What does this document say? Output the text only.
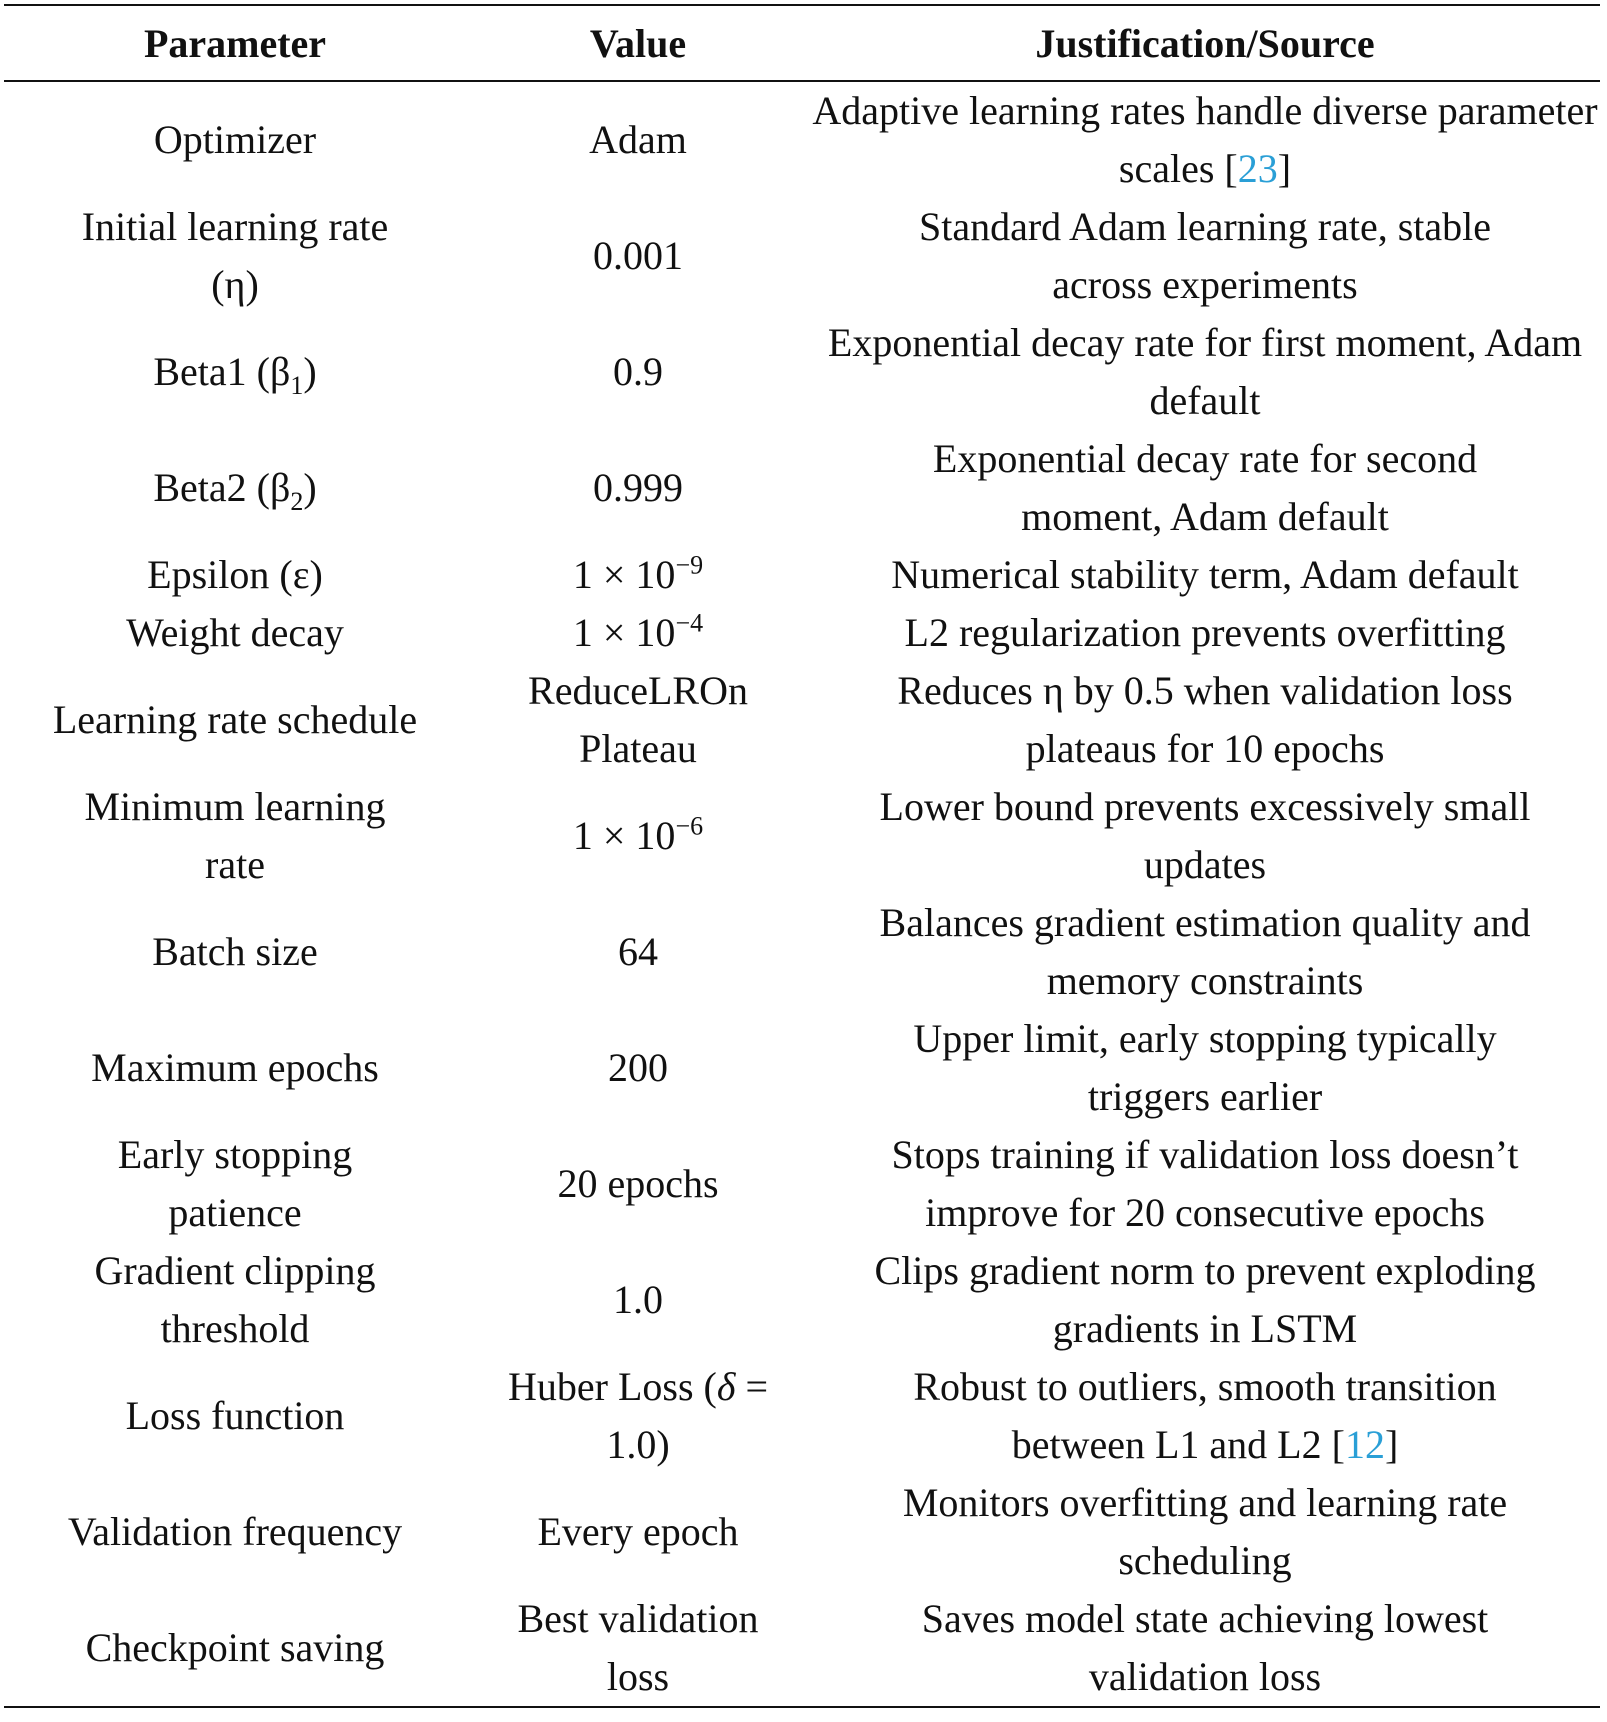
Parameter	Value	Justification/Source
Optimizer	Adam	Adaptive learning rates handle diverse parameter scales [23]
Initial learning rate (η)	0.001	Standard Adam learning rate, stable across experiments
Beta1 $(\beta_1)$	0.9	Exponential decay rate for first moment, Adam default
Beta2 $(\beta_2)$	0.999	Exponential decay rate for second moment, Adam default
Epsilon (ε)	$1 \times 10^{-9}$	Numerical stability term, Adam default
Weight decay	$1 \times 10^{-4}$	L2 regularization prevents overfitting
Learning rate schedule	ReduceLROn Plateau	Reduces η by 0.5 when validation loss plateaus for 10 epochs
Minimum learning rate	$1 \times 10^{-6}$	Lower bound prevents excessively small updates
Batch size	64	Balances gradient estimation quality and memory constraints
Maximum epochs	200	Upper limit, early stopping typically triggers earlier
Early stopping patience	20 epochs	Stops training if validation loss doesn’t improve for 20 consecutive epochs
Gradient clipping threshold	1.0	Clips gradient norm to prevent exploding gradients in LSTM
Loss function	Huber Loss (δ = 1.0)	Robust to outliers, smooth transition between L1 and L2 [12]
Validation frequency	Every epoch	Monitors overfitting and learning rate scheduling
Checkpoint saving	Best validation loss	Saves model state achieving lowest validation loss
